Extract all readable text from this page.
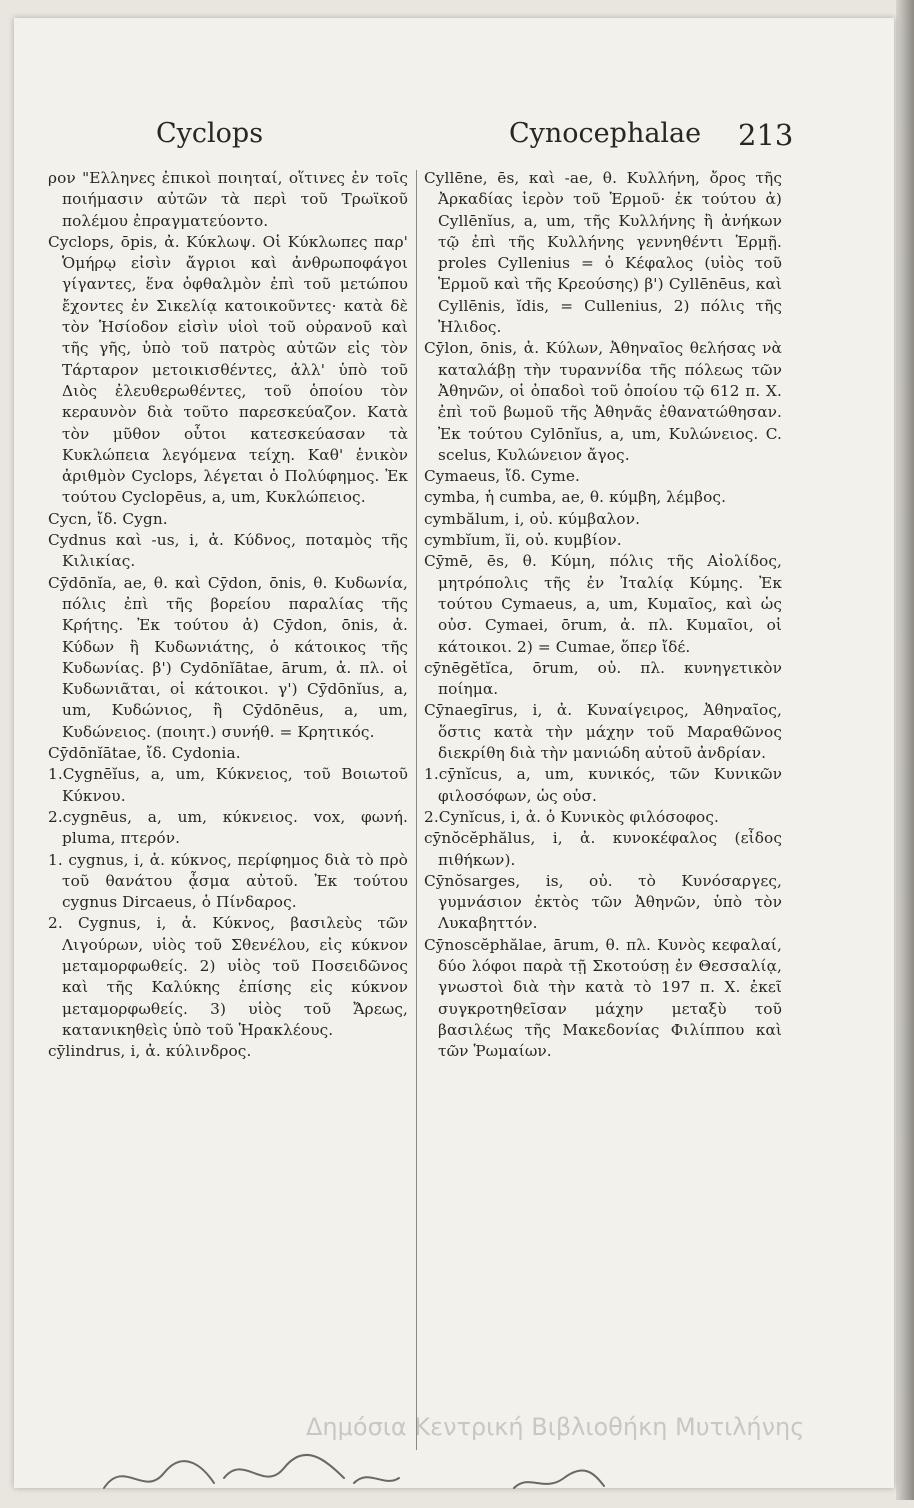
Cyclops	Cynocephalae 213

ρον "Ελληνες ἐπικοὶ ποιηταί, οἵτινες ἐν τοῖς ποιήμασιν αὐτῶν τὰ περὶ τοῦ Τρωϊκοῦ πολέμου ἐπραγματεύοντο.

Cyclops, ōpis, ἀ. Κύκλωψ. Οἱ Κύκλωπες παρ' Ὁμήρῳ εἰσὶν ἄγριοι καὶ ἀνθρωποφάγοι γίγαντες, ἕνα ὀφθαλμὸν ἐπὶ τοῦ μετώπου ἔχοντες ἐν Σικελίᾳ κατοικοῦντες· κατὰ δὲ τὸν Ἡσίοδον εἰσὶν υἱοὶ τοῦ οὐρανοῦ καὶ τῆς γῆς, ὑπὸ τοῦ πατρὸς αὐτῶν εἰς τὸν Τάρταρον μετοικισθέντες, ἀλλ' ὑπὸ τοῦ Διὸς ἐλευθερωθέντες, τοῦ ὁποίου τὸν κεραυνὸν διὰ τοῦτο παρεσκεύαζον. Κατὰ τὸν μῦθον οὗτοι κατεσκεύασαν τὰ Κυκλώπεια λεγόμενα τείχη. Καθ' ἑνικὸν ἀριθμὸν Cyclops, λέγεται ὁ Πολύφημος. Ἐκ τούτου Cyclopēus, a, um, Κυκλώπειος.

Cycn, ἴδ. Cygn.

Cydnus καὶ -us, i, ἀ. Κύδνος, ποταμὸς τῆς Κιλικίας.

Cȳdōnĭa, ae, θ. καὶ Cȳdon, ōnis, θ. Κυδωνία, πόλις ἐπὶ τῆς βορείου παραλίας τῆς Κρήτης. Ἐκ τούτου ἀ) Cȳdon, ōnis, ἀ. Κύδων ἢ Κυδωνιάτης, ὁ κάτοικος τῆς Κυδωνίας. β') Cydōnĭātae, ārum, ἀ. πλ. οἱ Κυδωνιᾶται, οἱ κάτοικοι. γ') Cȳdōnĭus, a, um, Κυδώνιος, ἢ Cȳdōnēus, a, um, Κυδώνειος. (ποιητ.) συνήθ. = Κρητικός.

Cȳdōnĭātae, ἴδ. Cydonia.

1.Cygnēĭus, a, um, Κύκνειος, τοῦ Βοιωτοῦ Κύκνου.

2.cygnēus, a, um, κύκνειος. vox, φωνή. pluma, πτερόν.

1. cygnus, i, ἀ. κύκνος, περίφημος διὰ τὸ πρὸ τοῦ θανάτου ᾆσμα αὐτοῦ. Ἐκ τούτου cygnus Dircaeus, ὁ Πίνδαρος.

2. Cygnus, i, ἀ. Κύκνος, βασιλεὺς τῶν Λιγούρων, υἱὸς τοῦ Σθενέλου, εἰς κύκνον μεταμορφωθείς. 2) υἱὸς τοῦ Ποσειδῶνος καὶ τῆς Καλύκης ἐπίσης εἰς κύκνον μεταμορφωθείς. 3) υἱὸς τοῦ Ἄρεως, κατανικηθεὶς ὑπὸ τοῦ Ἡρακλέους.

cȳlindrus, i, ἀ. κύλινδρος.

Cyllēne, ēs, καὶ -ae, θ. Κυλλήνη, ὄρος τῆς Ἀρκαδίας ἱερὸν τοῦ Ἑρμοῦ· ἐκ τούτου ἀ) Cyllēnĭus, a, um, τῆς Κυλλήνης ἢ ἀνήκων τῷ ἐπὶ τῆς Κυλλήνης γεννηθέντι Ἑρμῇ. proles Cyllenius = ὁ Κέφαλος (υἱὸς τοῦ Ἑρμοῦ καὶ τῆς Κρεούσης) β') Cyllēnēus, καὶ Cyllēnis, ĭdis, = Cullenius, 2) πόλις τῆς Ἠλιδος.

Cȳlon, ōnis, ἀ. Κύλων, Ἀθηναῖος θελήσας νὰ καταλάβῃ τὴν τυραννίδα τῆς πόλεως τῶν Ἀθηνῶν, οἱ ὀπαδοὶ τοῦ ὁποίου τῷ 612 π. X. ἐπὶ τοῦ βωμοῦ τῆς Ἀθηνᾶς ἐθανατώθησαν. Ἐκ τούτου Cylōnĭus, a, um, Κυλώνειος. C. scelus, Κυλώνειον ἄγος.

Cymaeus, ἴδ. Cyme.

cymba, ἡ cumba, ae, θ. κύμβη, λέμβος.

cymbălum, i, οὐ. κύμβαλον.

cymbĭum, ĭi, οὐ. κυμβίον.

Cȳmē, ēs, θ. Κύμη, πόλις τῆς Αἰολίδος, μητρόπολις τῆς ἐν Ἰταλίᾳ Κύμης. Ἐκ τούτου Cymaeus, a, um, Κυμαῖος, καὶ ὡς οὐσ. Cymaei, ōrum, ἀ. πλ. Κυμαῖοι, οἱ κάτοικοι. 2) = Cumae, ὅπερ ἴδέ.

cȳnēgĕtĭca, ōrum, οὐ. πλ. κυνηγετικὸν ποίημα.

Cȳnaegīrus, i, ἀ. Κυναίγειρος, Ἀθηναῖος, ὅστις κατὰ τὴν μάχην τοῦ Μαραθῶνος διεκρίθη διὰ τὴν μανιώδη αὐτοῦ ἀνδρίαν.

1.cȳnĭcus, a, um, κυνικός, τῶν Κυνικῶν φιλοσόφων, ὡς οὐσ.

2.Cynĭcus, i, ἀ. ὁ Κυνικὸς φιλόσοφος.

cȳnŏcĕphălus, i, ἀ. κυνοκέφαλος (εἶδος πιθήκων).

Cȳnŏsarges, is, οὐ. τὸ Κυνόσαργες, γυμνάσιον ἐκτὸς τῶν Ἀθηνῶν, ὑπὸ τὸν Λυκαβηττόν.

Cȳnoscĕphălae, ārum, θ. πλ. Κυνὸς κεφαλαί, δύο λόφοι παρὰ τῇ Σκοτούσῃ ἐν Θεσσαλίᾳ, γνωστοὶ διὰ τὴν κατὰ τὸ 197 π. X. ἐκεῖ συγκροτηθεῖσαν μάχην μεταξὺ τοῦ βασιλέως τῆς Μακεδονίας Φιλίππου καὶ τῶν Ῥωμαίων.

Δημόσια Κεντρική Βιβλιοθήκη Μυτιλήνης
